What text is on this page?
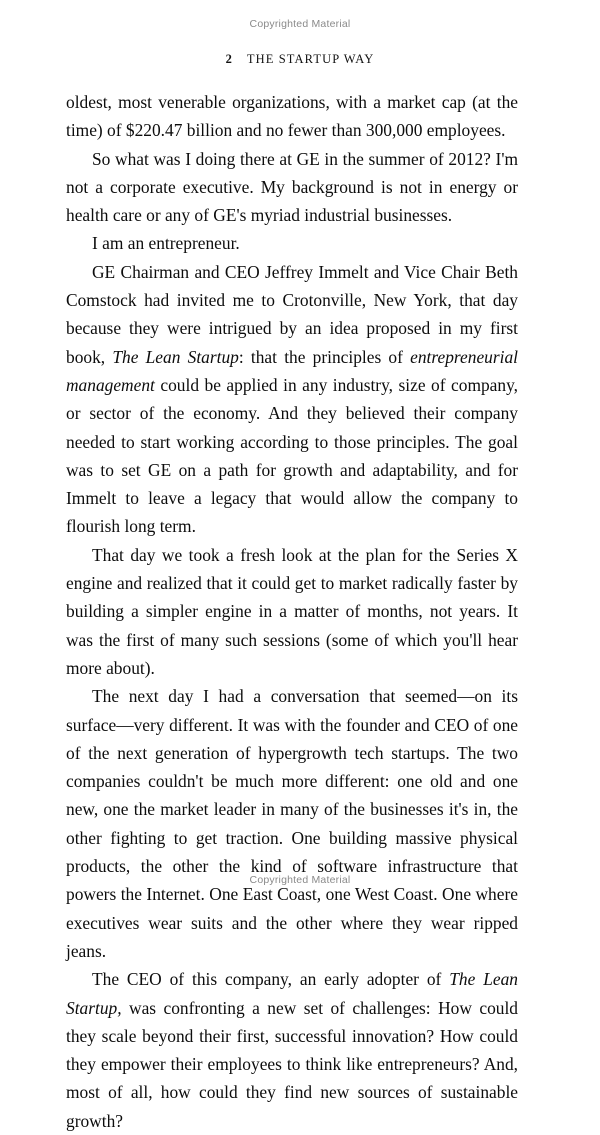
Copyrighted Material
2 THE STARTUP WAY

oldest, most venerable organizations, with a market cap (at the time) of $220.47 billion and no fewer than 300,000 employees.

So what was I doing there at GE in the summer of 2012? I'm not a corporate executive. My background is not in energy or health care or any of GE's myriad industrial businesses.

I am an entrepreneur.

GE Chairman and CEO Jeffrey Immelt and Vice Chair Beth Comstock had invited me to Crotonville, New York, that day because they were intrigued by an idea proposed in my first book, The Lean Startup: that the principles of entrepreneurial management could be applied in any industry, size of company, or sector of the economy. And they believed their company needed to start working according to those principles. The goal was to set GE on a path for growth and adaptability, and for Immelt to leave a legacy that would allow the company to flourish long term.

That day we took a fresh look at the plan for the Series X engine and realized that it could get to market radically faster by building a simpler engine in a matter of months, not years. It was the first of many such sessions (some of which you'll hear more about).

The next day I had a conversation that seemed—on its surface—very different. It was with the founder and CEO of one of the next generation of hypergrowth tech startups. The two companies couldn't be much more different: one old and one new, one the market leader in many of the businesses it's in, the other fighting to get traction. One building massive physical products, the other the kind of software infrastructure that powers the Internet. One East Coast, one West Coast. One where executives wear suits and the other where they wear ripped jeans.

The CEO of this company, an early adopter of The Lean Startup, was confronting a new set of challenges: How could they scale beyond their first, successful innovation? How could they empower their employees to think like entrepreneurs? And, most of all, how could they find new sources of sustainable growth?

Copyrighted Material
